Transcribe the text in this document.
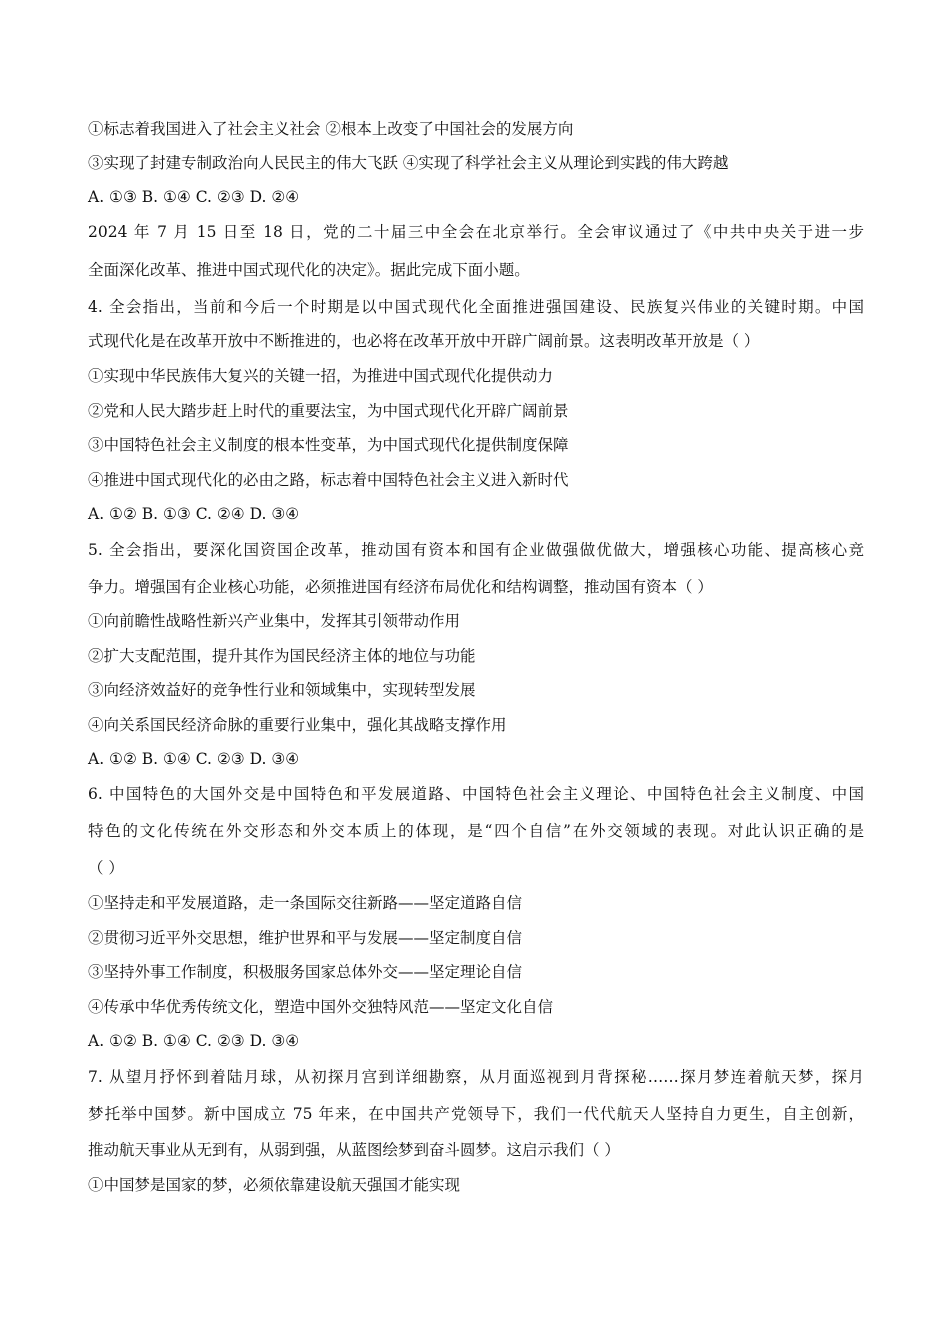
①标志着我国进入了社会主义社会 ②根本上改变了中国社会的发展方向
③实现了封建专制政治向人民民主的伟大飞跃 ④实现了科学社会主义从理论到实践的伟大跨越
A. ①③ B. ①④ C. ②③ D. ②④
2024 年 7 月 15 日至 18 日，党的二十届三中全会在北京举行。全会审议通过了《中共中央关于进一步
全面深化改革、推进中国式现代化的决定》。据此完成下面小题。
4. 全会指出，当前和今后一个时期是以中国式现代化全面推进强国建设、民族复兴伟业的关键时期。中国
式现代化是在改革开放中不断推进的，也必将在改革开放中开辟广阔前景。这表明改革开放是（ ）
①实现中华民族伟大复兴的关键一招，为推进中国式现代化提供动力
②党和人民大踏步赶上时代的重要法宝，为中国式现代化开辟广阔前景
③中国特色社会主义制度的根本性变革，为中国式现代化提供制度保障
④推进中国式现代化的必由之路，标志着中国特色社会主义进入新时代
A. ①② B. ①③ C. ②④ D. ③④
5. 全会指出，要深化国资国企改革，推动国有资本和国有企业做强做优做大，增强核心功能、提高核心竞
争力。增强国有企业核心功能，必须推进国有经济布局优化和结构调整，推动国有资本（ ）
①向前瞻性战略性新兴产业集中，发挥其引领带动作用
②扩大支配范围，提升其作为国民经济主体的地位与功能
③向经济效益好的竞争性行业和领域集中，实现转型发展
④向关系国民经济命脉的重要行业集中，强化其战略支撑作用
A. ①② B. ①④ C. ②③ D. ③④
6. 中国特色的大国外交是中国特色和平发展道路、中国特色社会主义理论、中国特色社会主义制度、中国
特色的文化传统在外交形态和外交本质上的体现，是“四个自信”在外交领域的表现。对此认识正确的是
（ ）
①坚持走和平发展道路，走一条国际交往新路——坚定道路自信
②贯彻习近平外交思想，维护世界和平与发展——坚定制度自信
③坚持外事工作制度，积极服务国家总体外交——坚定理论自信
④传承中华优秀传统文化，塑造中国外交独特风范——坚定文化自信
A. ①② B. ①④ C. ②③ D. ③④
7. 从望月抒怀到着陆月球，从初探月宫到详细勘察，从月面巡视到月背探秘……探月梦连着航天梦，探月
梦托举中国梦。新中国成立 75 年来，在中国共产党领导下，我们一代代航天人坚持自力更生，自主创新，
推动航天事业从无到有，从弱到强，从蓝图绘梦到奋斗圆梦。这启示我们（ ）
①中国梦是国家的梦，必须依靠建设航天强国才能实现
